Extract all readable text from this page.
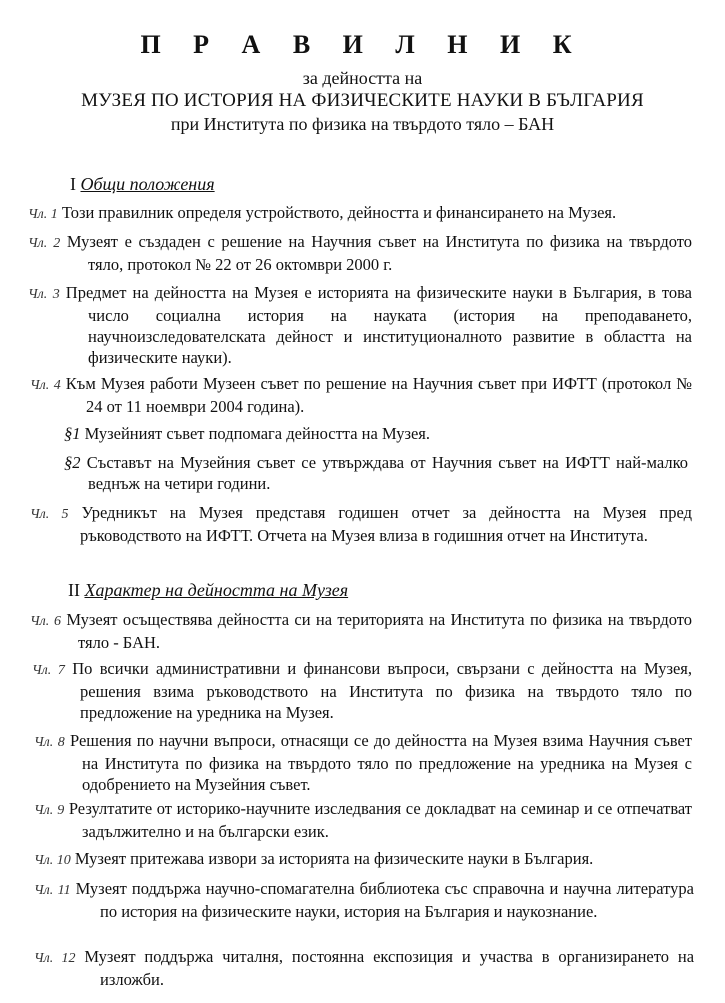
П Р А В И Л Н И К

за дейността на

МУЗЕЯ ПО ИСТОРИЯ НА ФИЗИЧЕСКИТЕ НАУКИ В БЪЛГАРИЯ

при Института по физика на твърдото тяло – БАН

I Общи положения

Чл. 1 Този правилник определя устройството, дейността и финансирането на Музея.

Чл. 2 Музеят е създаден с решение на Научния съвет на Института по физика на твърдото тяло, протокол № 22 от 26 октомври 2000 г.

Чл. 3 Предмет на дейността на Музея е историята на физическите науки в България, в това число социална история на науката (история на преподаването, научноизследователската дейност и институционалното развитие в областта на физическите науки).

Чл. 4 Към Музея работи Музеен съвет по решение на Научния съвет при ИФТТ (протокол № 24 от 11 ноември 2004 година).

§1 Музейният съвет подпомага дейността на Музея.

§2 Съставът на Музейния съвет се утвърждава от Научния съвет на ИФТТ най-малко веднъж на четири години.

Чл. 5 Уредникът на Музея представя годишен отчет за дейността на Музея пред ръководството на ИФТТ. Отчета на Музея влиза в годишния отчет на Института.

II Характер на дейността на Музея

Чл. 6 Музеят осъществява дейността си на територията на Института по физика на твърдото тяло - БАН.

Чл. 7 По всички административни и финансови въпроси, свързани с дейността на Музея, решения взима ръководството на Института по физика на твърдото тяло по предложение на уредника на Музея.

Чл. 8 Решения по научни въпроси, отнасящи се до дейността на Музея взима Научния съвет на Института по физика на твърдото тяло по предложение на уредника на Музея с одобрението на Музейния съвет.

Чл. 9 Резултатите от историко-научните изследвания се докладват на семинар и се отпечатват задължително и на български език.

Чл. 10 Музеят притежава извори за историята на физическите науки в България.

Чл. 11 Музеят поддържа научно-спомагателна библиотека със справочна и научна литература по история на физическите науки, история на България и наукознание.

Чл. 12 Музеят поддържа читалня, постоянна експозиция и участва в организирането на изложби.
